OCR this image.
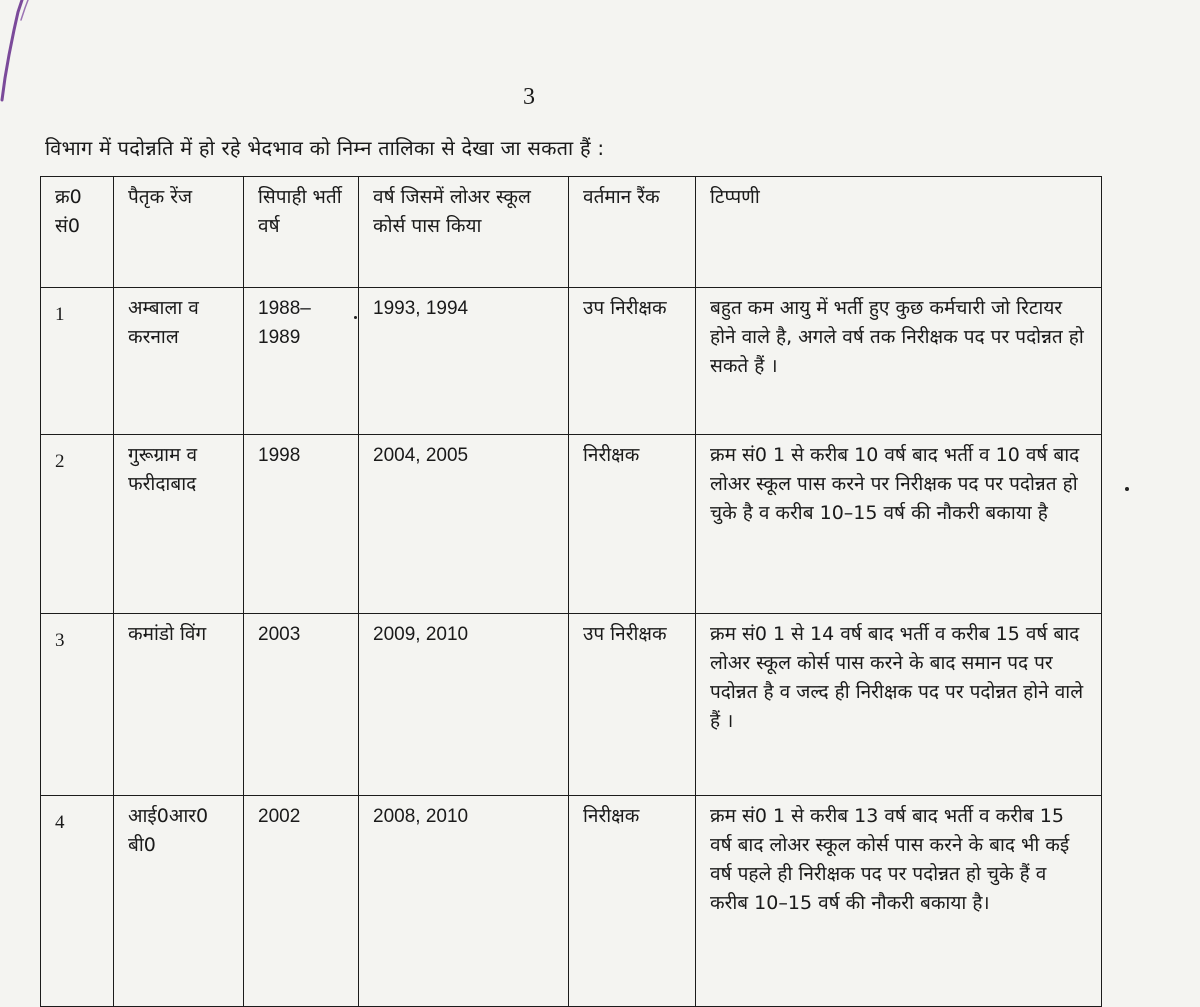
3
विभाग में पदोन्नति में हो रहे भेदभाव को निम्न तालिका से देखा जा सकता हैं :
क्र0 सं0	पैतृक रेंज	सिपाही भर्ती वर्ष	वर्ष जिसमें लोअर स्कूल कोर्स पास किया	वर्तमान रैंक	टिप्पणी
1	अम्बाला व करनाल	1988–1989	1993, 1994	उप निरीक्षक	बहुत कम आयु में भर्ती हुए कुछ कर्मचारी जो रिटायर होने वाले है, अगले वर्ष तक निरीक्षक पद पर पदोन्नत हो सकते हैं ।
2	गुरूग्राम व फरीदाबाद	1998	2004, 2005	निरीक्षक	क्रम सं0 1 से करीब 10 वर्ष बाद भर्ती व 10 वर्ष बाद लोअर स्कूल पास करने पर निरीक्षक पद पर पदोन्नत हो चुके है व करीब 10–15 वर्ष की नौकरी बकाया है
3	कमांडो विंग	2003	2009, 2010	उप निरीक्षक	क्रम सं0 1 से 14 वर्ष बाद भर्ती व करीब 15 वर्ष बाद लोअर स्कूल कोर्स पास करने के बाद समान पद पर पदोन्नत है व जल्द ही निरीक्षक पद पर पदोन्नत होने वाले हैं ।
4	आई0आर0 बी0	2002	2008, 2010	निरीक्षक	क्रम सं0 1 से करीब 13 वर्ष बाद भर्ती व करीब 15 वर्ष बाद लोअर स्कूल कोर्स पास करने के बाद भी कई वर्ष पहले ही निरीक्षक पद पर पदोन्नत हो चुके हैं व करीब 10–15 वर्ष की नौकरी बकाया है।
